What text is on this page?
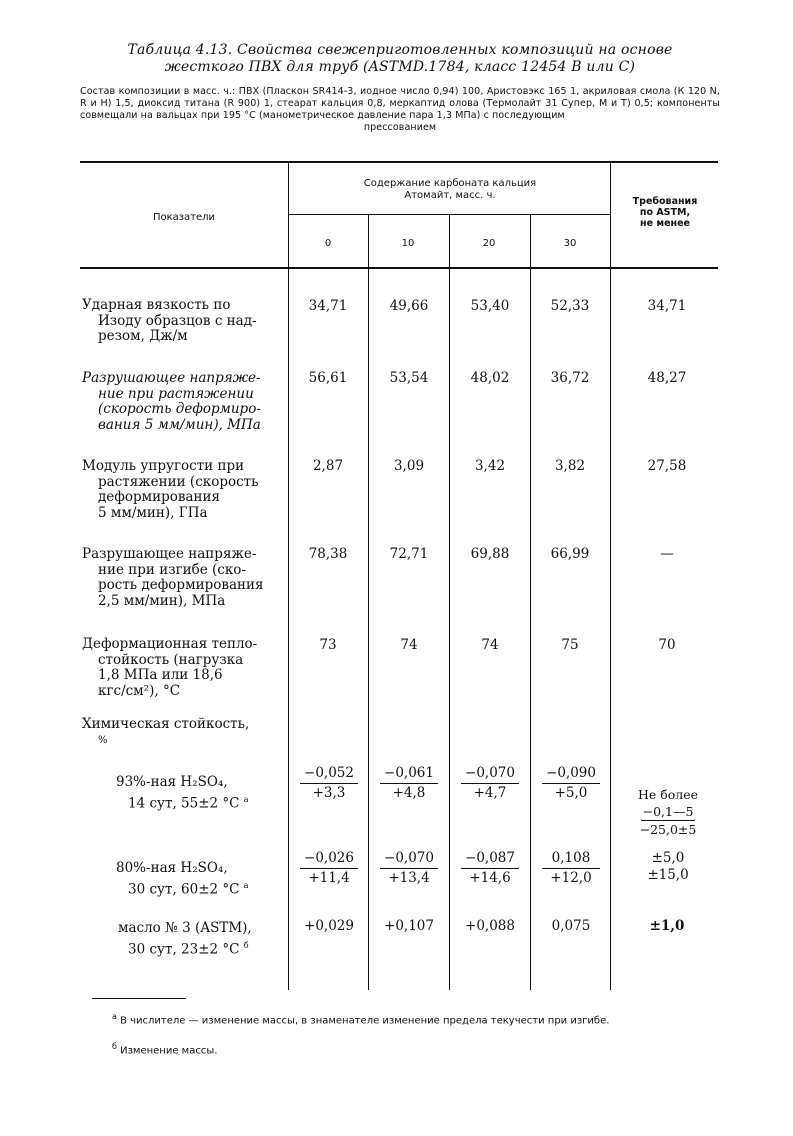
Таблица 4.13. Свойства свежеприготовленных композиций на основе
жесткого ПВХ для труб (ASTMD.1784, класс 12454 B или C)
Состав композиции в масс. ч.: ПВХ (Пласкон SR414-3, иодное число 0,94) 100, Аристовэкс 165 1, акриловая смола (К 120 N, R и H) 1,5, диоксид титана (R 900) 1, стеарат кальция 0,8, меркаптид олова (Термолайт 31 Супер, M и T) 0,5; компоненты совмещали на вальцах при 195 °С (манометрическое давление пара 1,3 МПа) с последующим
прессованием
Показатели
Содержание карбоната кальция
Атомайт, масс. ч.
Требования
по ASTM,
не менее
0	10	20	30
Ударная вязкость по
Изоду образцов с над-
резом, Дж/м
34,71	49,66	53,40	52,33	34,71
Разрушающее напряже-
ние при растяжении
(скорость деформиро-
вания 5 мм/мин), МПа
56,61	53,54	48,02	36,72	48,27
Модуль упругости при
растяжении (скорость
деформирования
5 мм/мин), ГПа
2,87	3,09	3,42	3,82	27,58
Разрушающее напряже-
ние при изгибе (ско-
рость деформирования
2,5 мм/мин), МПа
78,38	72,71	69,88	66,99	—
Деформационная тепло-
стойкость (нагрузка
1,8 МПа или 18,6
кгс/см²), °С
73	74	74	75	70
Химическая стойкость,
%
93%-ная H₂SO₄,
14 сут, 55±2 °С $^а$	$\frac{-0,052}{+3,3} \frac{-0,061}{+4,8} \frac{-0,070}{+4,7} \frac{-0,090}{+5,0}$	Не более
−0,1—5
−25,0±5
80%-ная H₂SO₄,
30 сут, 60±2 °С $^а$	$\frac{-0,026}{+11,4} \frac{-0,070}{+13,4} \frac{-0,087}{+14,6} \frac{0,108}{+12,0}$	±5,0
±15,0
масло № 3 (ASTM),
30 сут, 23±2 °С $^б$
+0,029	+0,107	+0,088	0,075	±1,0
$^а$ В числителе — изменение массы, в знаменателе изменение предела текучести при изгибе.
$^б$ Изменение массы.
